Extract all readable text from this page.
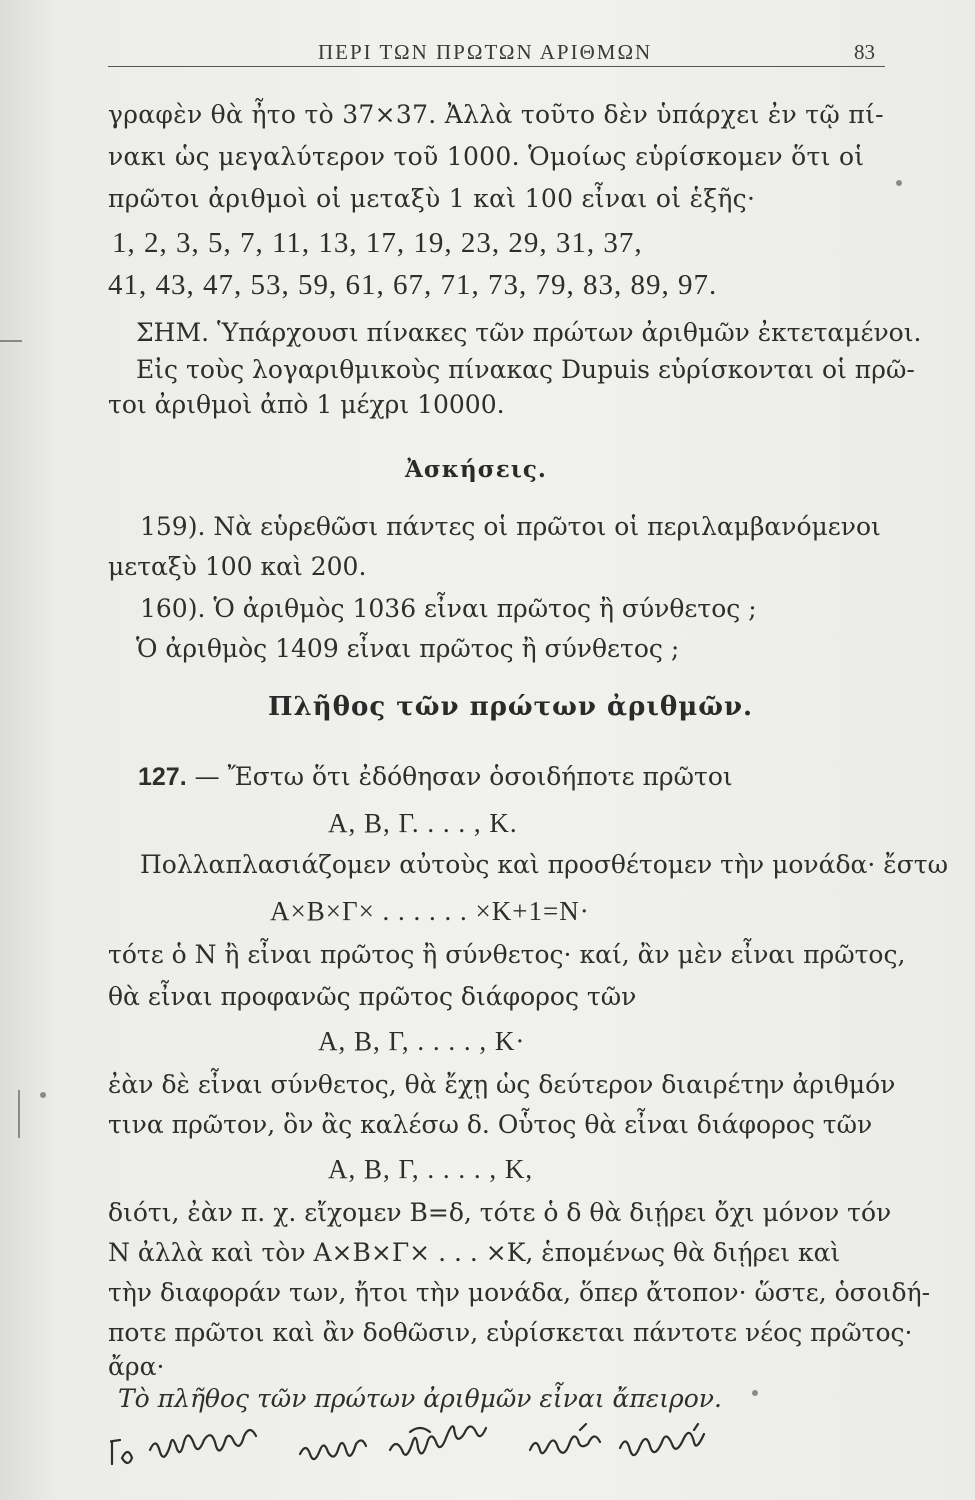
ΠΕΡΙ ΤΩΝ ΠΡΩΤΩΝ ΑΡΙΘΜΩΝ	83
γραφὲν θὰ ἦτο τὸ 37×37. Ἀλλὰ τοῦτο δὲν ὑπάρχει ἐν τῷ πί-
νακι ὡς μεγαλύτερον τοῦ 1000. Ὁμοίως εὑρίσκομεν ὅτι οἱ
πρῶτοι ἀριθμοὶ οἱ μεταξὺ 1 καὶ 100 εἶναι οἱ ἑξῆς·
1, 2, 3, 5, 7, 11, 13, 17, 19, 23, 29, 31, 37,
41, 43, 47, 53, 59, 61, 67, 71, 73, 79, 83, 89, 97.
ΣΗΜ. Ὑπάρχουσι πίνακες τῶν πρώτων ἀριθμῶν ἐκτεταμένοι.
Εἰς τοὺς λογαριθμικοὺς πίνακας Dupuis εὑρίσκονται οἱ πρῶ-
τοι ἀριθμοὶ ἀπὸ 1 μέχρι 10000.
Ἀσκήσεις.
159). Νὰ εὑρεθῶσι πάντες οἱ πρῶτοι οἱ περιλαμβανόμενοι
μεταξὺ 100 καὶ 200.
160). Ὁ ἀριθμὸς 1036 εἶναι πρῶτος ἢ σύνθετος ;
Ὁ ἀριθμὸς 1409 εἶναι πρῶτος ἢ σύνθετος ;
Πλῆθος τῶν πρώτων ἀριθμῶν.
127. — Ἔστω ὅτι ἐδόθησαν ὁσοιδήποτε πρῶτοι
Α, Β, Γ. . . . , Κ.
Πολλαπλασιάζομεν αὐτοὺς καὶ προσθέτομεν τὴν μονάδα· ἔστω
Α×Β×Γ× . . . . . . ×Κ+1=Ν·
τότε ὁ Ν ἢ εἶναι πρῶτος ἢ σύνθετος· καί, ἂν μὲν εἶναι πρῶτος,
θὰ εἶναι προφανῶς πρῶτος διάφορος τῶν
Α, Β, Γ, . . . . , Κ·
ἐὰν δὲ εἶναι σύνθετος, θὰ ἔχῃ ὡς δεύτερον διαιρέτην ἀριθμόν
τινα πρῶτον, ὃν ἂς καλέσω δ. Οὗτος θὰ εἶναι διάφορος τῶν
Α, Β, Γ, . . . . , Κ,
διότι, ἐὰν π. χ. εἴχομεν Β=δ, τότε ὁ δ θὰ διῄρει ὄχι μόνον τόν
Ν ἀλλὰ καὶ τὸν Α×Β×Γ× . . . ×Κ, ἑπομένως θὰ διῄρει καὶ
τὴν διαφοράν των, ἤτοι τὴν μονάδα, ὅπερ ἄτοπον· ὥστε, ὁσοιδή-
ποτε πρῶτοι καὶ ἂν δοθῶσιν, εὑρίσκεται πάντοτε νέος πρῶτος·
ἄρα·
Τὸ πλῆθος τῶν πρώτων ἀριθμῶν εἶναι ἄπειρον.
